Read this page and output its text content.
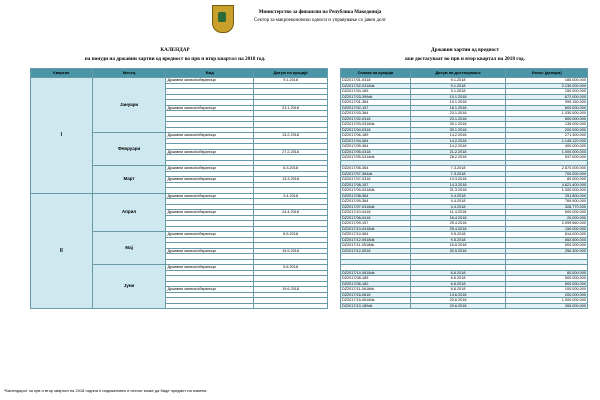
Министерство за финансии на Република Македонија
Сектор за макроекономско односи и управување со јавен долг
КАЛЕНДАР
на понуди на државни хартии од вредност во прв и втор квартал на 2018 год.
Државни хартии од вредност
кои достасуваат во прв и втор квартал на 2018 год.
Квартал	Месец	Вид	Датум на аукција
I	Јануари	Државни записи/обврзници	9.1.2018

		Државни записи/обврзници	23.1.2018

	Февруари	Државни записи/обврзници	13.2.2018

		Државни записи/обврзници	27.2.2018

	Март	Државни записи/обврзници	6.3.2018

		Државни записи/обврзници	13.3.2018

II	Април	Државни записи/обврзници	3.4.2018

		Државни записи/обврзници	24.4.2018

	Мај	Државни записи/обврзници	8.5.2018

		Државни записи/обврзници	15.5.2018

	Јуни	Државни записи/обврзници	5.6.2018

		Државни записи/обврзници	19.6.2018

Ознака на аукција	Датум на достасување	Износ (денари)
DZ2017/01-0318	9.1.2018	185.000.000
DZ2017/02-0318dk	9.1.2018	2.130.000.000
DZ2017/04-189	9.1.2018	150.000.000
DZ2017/03-399dk	10.1.2018	672.000.000
DZ2017/01-364	10.1.2018	999.150.000
DZ2017/02-157	16.1.2018	600.000.000
DZ2017/03-364	23.1.2018	1.030.000.000
DZ2017/02-0318	23.1.2018	600.000.000
DZ2017/03-0318dk	30.1.2018	135.000.000
DZ2017/04-0318	30.1.2018	200.000.000
DZ2017/06-189	14.2.2018	271.300.000
DZ2017/04-364	14.2.2018	1.149.120.000
DZ2017/05-364	14.2.2018	400.000.000
DZ2017/05-0318	21.2.2018	1.000.000.000
DZ2017/05-0318dk	28.2.2018	537.000.000

DZ2017/06-364	7.3.2018	2.670.000.000
DZ2017/07-364dk	7.3.2018	700.000.000
DZ2017/07-0318	13.3.2018	80.000.000
DZ2017/08-157	14.3.2018	4.621.400.000
DZ2017/09-0318dk	21.3.2018	1.000.000.000
DZ2017/08-364	4.4.2018	251.800.000
DZ2017/09-364	4.4.2018	769.900.000
DZ2017/07-0418dk	4.4.2018	328.770.000
DZ2017/10-0418	11.4.2018	600.000.000
DZ2017/06-0418	16.4.2018	20.000.000
DZ2017/09-157	25.4.2018	2.099.560.000
DZ2017/10-0418dk	25.4.2018	150.000.000
DZ2017/10-364	9.5.2018	814.000.000
DZ2017/12-0518dk	9.5.2018	652.500.000
DZ2017/11-0518dk	16.5.2018	500.000.000
DZ2017/12-0518	30.5.2018	256.300.000

DZ2017/14-0618dk	6.6.2018	60.000.000
DZ2017/08-189	6.6.2018	500.000.000
DZ2017/06-182	6.6.2018	600.000.000
DZ2017/11-0618dk	6.6.2018	100.000.000
DZ2017/16-0618	13.6.2018	200.000.000
DZ2017/15-0618dk	20.6.2018	1.000.000.000
DZ2017/10-189dk	20.6.2018	265.000.000
*Календарот за прв и втор квартал на 2018 година е индикативен и истиот може да биде предмет на измени.
